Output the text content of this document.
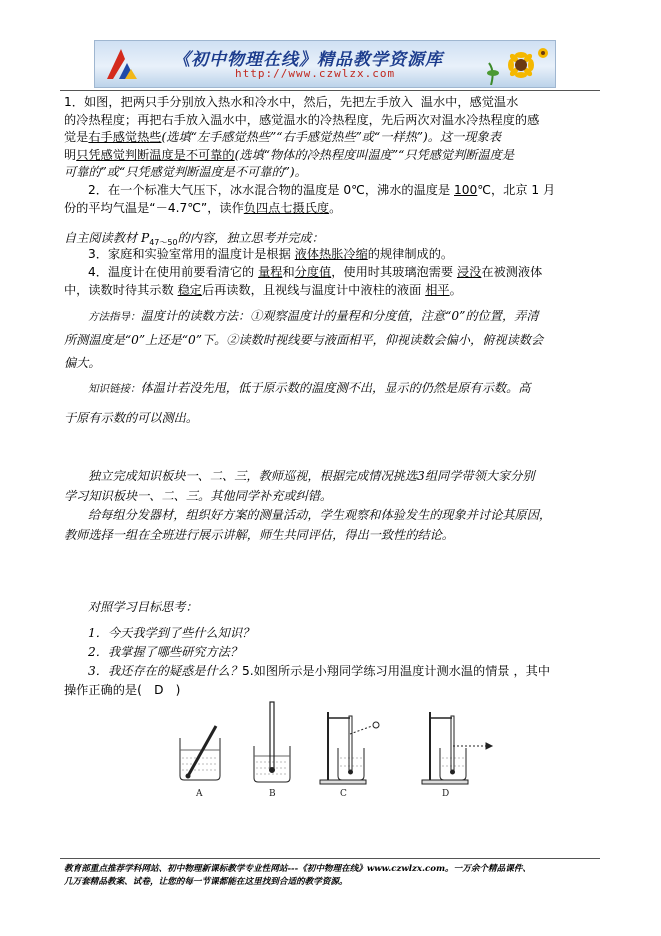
《初中物理在线》精品教学资源库
http://www.czwlzx.com
1．如图，把两只手分别放入热水和冷水中，然后，先把左手放入  温水中，感觉温水
的冷热程度；再把右手放入温水中，感觉温水的冷热程度，先后两次对温水冷热程度的感
觉是右手感觉热些(选填“左手感觉热些”“右手感觉热些”或“一样热”)。这一现象表
明只凭感觉判断温度是不可靠的(选填“物体的冷热程度叫温度”“只凭感觉判断温度是
可靠的”或“只凭感觉判断温度是不可靠的”)。
2．在一个标准大气压下，冰水混合物的温度是 0℃，沸水的温度是 100℃，北京 1 月
份的平均气温是“－4.7℃”，读作负四点七摄氏度。
自主阅读教材 $P_{47\sim 50}$的内容，独立思考并完成：
3．家庭和实验室常用的温度计是根据 液体热胀冷缩的规律制成的。
4．温度计在使用前要看清它的 量程和分度值，使用时其玻璃泡需要 浸没在被测液体
中，读数时待其示数 稳定后再读数，且视线与温度计中液柱的液面 相平。
方法指导：温度计的读数方法：①观察温度计的量程和分度值，注意“0”的位置，弄清
所测温度是“0”上还是“0”下。②读数时视线要与液面相平，仰视读数会偏小，俯视读数会
偏大。
知识链接：体温计若没先甩，低于原示数的温度测不出，显示的仍然是原有示数。高
于原有示数的可以测出。
独立完成知识板块一、二、三，教师巡视，根据完成情况挑选3组同学带领大家分别
学习知识板块一、二、三。其他同学补充或纠错。
给每组分发器材，组织好方案的测量活动，学生观察和体验发生的现象并讨论其原因，
教师选择一组在全班进行展示讲解，师生共同评估，得出一致性的结论。
对照学习目标思考：
1．今天我学到了些什么知识？
2．我掌握了哪些研究方法？
3．我还存在的疑惑是什么？5.如图所示是小翔同学练习用温度计测水温的情景 ，其中
操作正确的是(　D　)
A	B	C	D
教育部重点推荐学科网站、初中物理新课标教学专业性网站---《初中物理在线》www.czwlzx.com。一万余个精品课件、
几万套精品教案、试卷，让您的每一节课都能在这里找到合适的教学资源。
